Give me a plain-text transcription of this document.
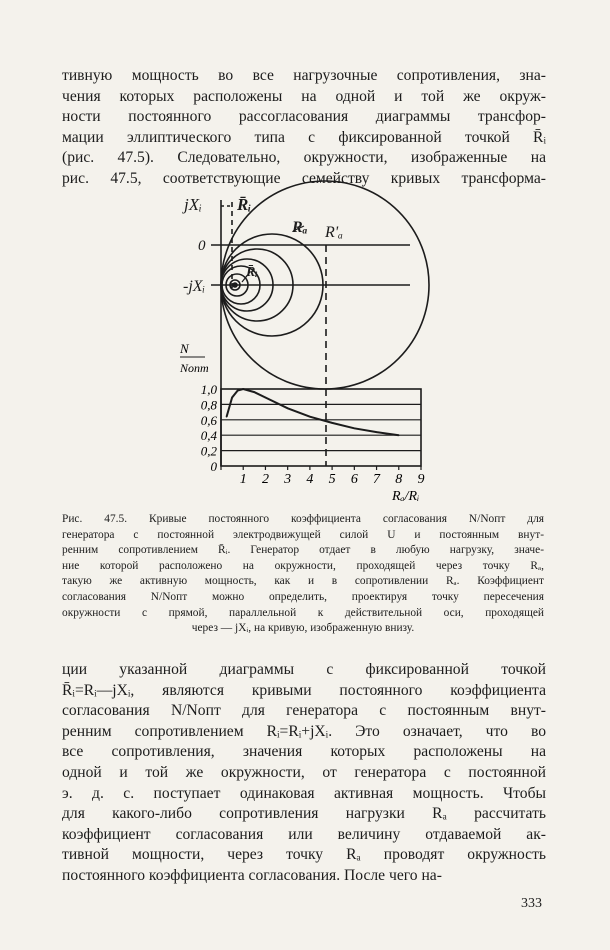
тивную мощность во все нагрузочные сопротивления, зна-
чения которых расположены на одной и той же окруж-
ности постоянного рассогласования диаграммы трансфор-
мации эллиптического типа с фиксированной точкой R̄ᵢ
(рис. 47.5). Следовательно, окружности, изображенные на
рис. 47.5, соответствующие семейству кривых трансформа-
jXᵢ
0
-jXᵢ
R̄ᵢ
Rₐ R'ₐ
R̄ᵢ
0
0,2
0,4
0,6
0,8
1,0
1 2 3 4 5 6 7 8 9
N
Nопт
Rₐ/Rᵢ
Рис. 47.5. Кривые постоянного коэффициента согласования N/Nопт для
генератора с постоянной электродвижущей силой U и постоянным внут-
ренним сопротивлением R̄ᵢ. Генератор отдает в любую нагрузку, значе-
ние которой расположено на окружности, проходящей через точку Rₐ,
такую же активную мощность, как и в сопротивлении Rₐ. Коэффициент
согласования N/Nопт можно определить, проектируя точку пересечения
окружности с прямой, параллельной к действительной оси, проходящей
через — jXᵢ, на кривую, изображенную внизу.
ции указанной диаграммы с фиксированной точкой
R̄ᵢ=Rᵢ—jXᵢ, являются кривыми постоянного коэффициента
согласования N/Nопт для генератора с постоянным внут-
ренним сопротивлением Rᵢ=Rᵢ+jXᵢ. Это означает, что во
все сопротивления, значения которых расположены на
одной и той же окружности, от генератора с постоянной
э. д. с. поступает одинаковая активная мощность. Чтобы
для какого-либо сопротивления нагрузки Rₐ рассчитать
коэффициент согласования или величину отдаваемой ак-
тивной мощности, через точку Rₐ проводят окружность
постоянного коэффициента согласования. После чего на-
333
